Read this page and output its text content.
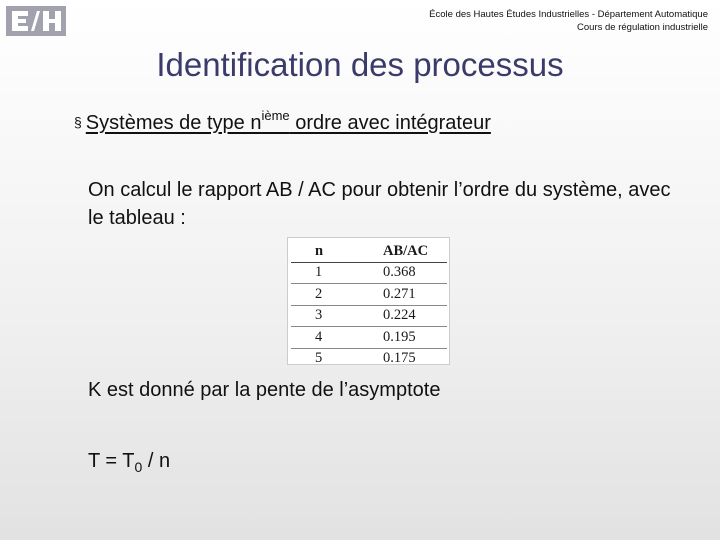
École des Hautes Études Industrielles - Département Automatique
Cours de régulation industrielle
Identification des processus
§ Systèmes de type $n^{ième}$ ordre avec intégrateur
On calcul le rapport AB / AC pour obtenir l’ordre du système, avec le tableau :
n	AB/AC
1	0.368
2	0.271
3	0.224
4	0.195
5	0.175
K est donné par la pente de l’asymptote
$T = T_0 / n$
